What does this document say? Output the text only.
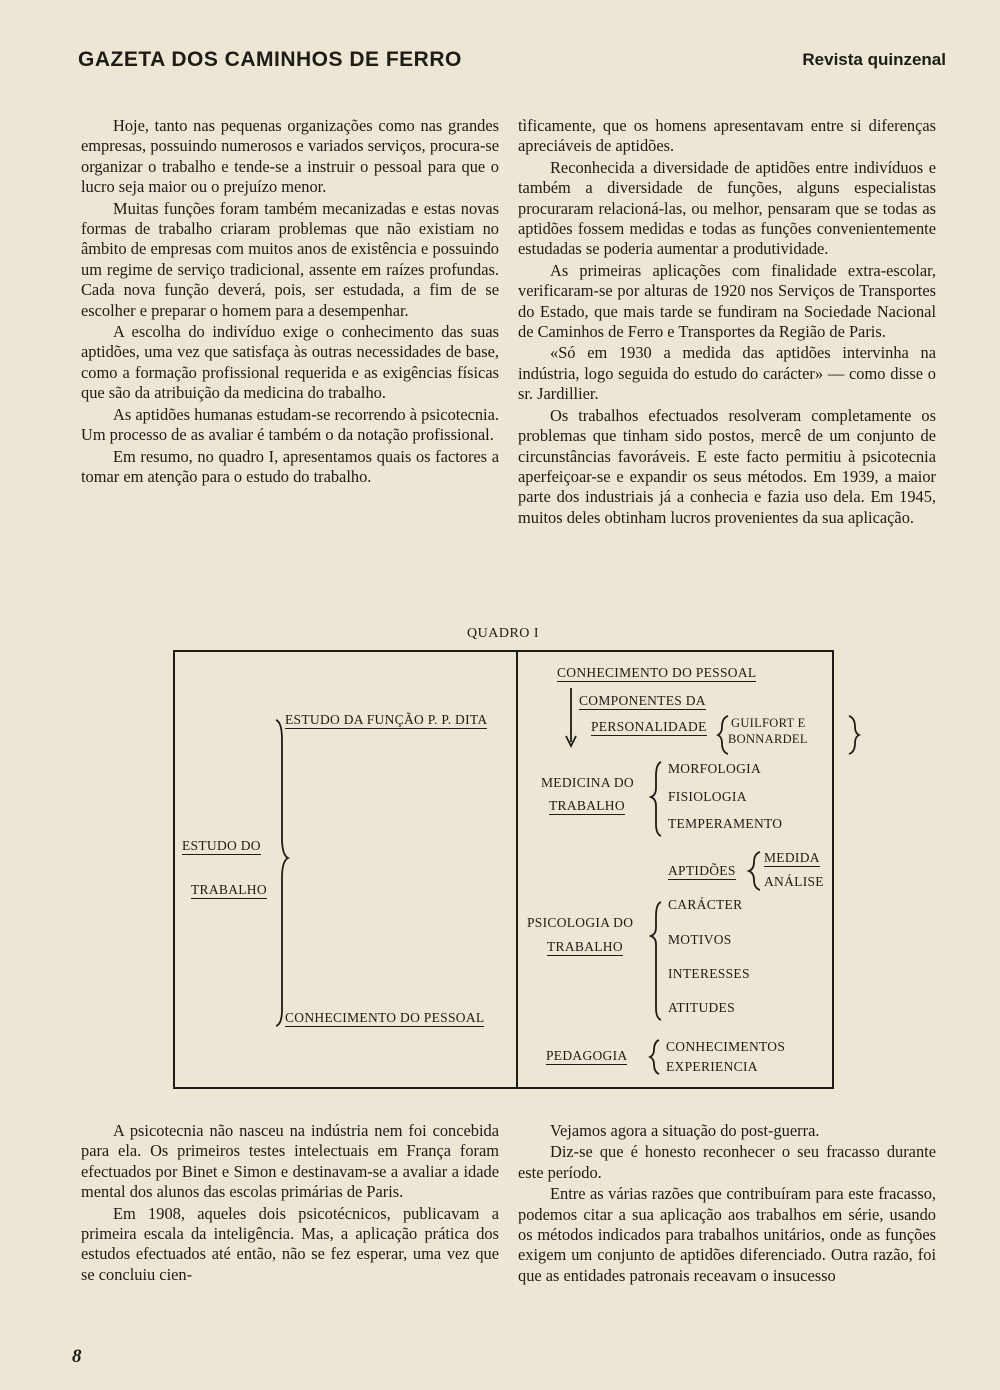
GAZETA DOS CAMINHOS DE FERRO	Revista quinzenal

Hoje, tanto nas pequenas organizações como nas grandes empresas, possuindo numerosos e variados serviços, procura-se organizar o trabalho e tende-se a instruir o pessoal para que o lucro seja maior ou o prejuízo menor.

Muitas funções foram também mecanizadas e estas novas formas de trabalho criaram problemas que não existiam no âmbito de empresas com muitos anos de existência e possuindo um regime de serviço tradicional, assente em raízes profundas. Cada nova função deverá, pois, ser estudada, a fim de se escolher e preparar o homem para a desempenhar.

A escolha do indivíduo exige o conhecimento das suas aptidões, uma vez que satisfaça às outras necessidades de base, como a formação profissional requerida e as exigências físicas que são da atribuição da medicina do trabalho.

As aptidões humanas estudam-se recorrendo à psicotecnia. Um processo de as avaliar é também o da notação profissional.

Em resumo, no quadro I, apresentamos quais os factores a tomar em atenção para o estudo do trabalho.

tìficamente, que os homens apresentavam entre si diferenças apreciáveis de aptidões.

Reconhecida a diversidade de aptidões entre indivíduos e também a diversidade de funções, alguns especialistas procuraram relacioná-las, ou melhor, pensaram que se todas as aptidões fossem medidas e todas as funções convenientemente estudadas se poderia aumentar a produtividade.

As primeiras aplicações com finalidade extra-escolar, verificaram-se por alturas de 1920 nos Serviços de Transportes do Estado, que mais tarde se fundiram na Sociedade Nacional de Caminhos de Ferro e Transportes da Região de Paris.

«Só em 1930 a medida das aptidões intervinha na indústria, logo seguida do estudo do carácter» — como disse o sr. Jardillier.

Os trabalhos efectuados resolveram completamente os problemas que tinham sido postos, mercê de um conjunto de circunstâncias favoráveis. E este facto permitiu à psicotecnia aperfeiçoar-se e expandir os seus métodos. Em 1939, a maior parte dos industriais já a conhecia e fazia uso dela. Em 1945, muitos deles obtinham lucros provenientes da sua aplicação.

QUADRO I
ESTUDO DO
TRABALHO
ESTUDO DA FUNÇÃO P. P. DITA
CONHECIMENTO DO PESSOAL
CONHECIMENTO DO PESSOAL
COMPONENTES DA
PERSONALIDADE GUILFORT E
BONNARDEL
MEDICINA DO
TRABALHO
MORFOLOGIA
FISIOLOGIA
TEMPERAMENTO
APTIDÕES
MEDIDA
ANÁLISE
CARÁCTER
PSICOLOGIA DO
TRABALHO	MOTIVOS
INTERESSES
ATITUDES
PEDAGOGIA
CONHECIMENTOS
EXPERIENCIA

A psicotecnia não nasceu na indústria nem foi concebida para ela. Os primeiros testes intelectuais em França foram efectuados por Binet e Simon e destinavam-se a avaliar a idade mental dos alunos das escolas primárias de Paris.

Em 1908, aqueles dois psicotécnicos, publicavam a primeira escala da inteligência. Mas, a aplicação prática dos estudos efectuados até então, não se fez esperar, uma vez que se concluiu cien-

Vejamos agora a situação do post-guerra.

Diz-se que é honesto reconhecer o seu fracasso durante este período.

Entre as várias razões que contribuíram para este fracasso, podemos citar a sua aplicação aos trabalhos em série, usando os métodos indicados para trabalhos unitários, onde as funções exigem um conjunto de aptidões diferenciado. Outra razão, foi que as entidades patronais receavam o insucesso

8
